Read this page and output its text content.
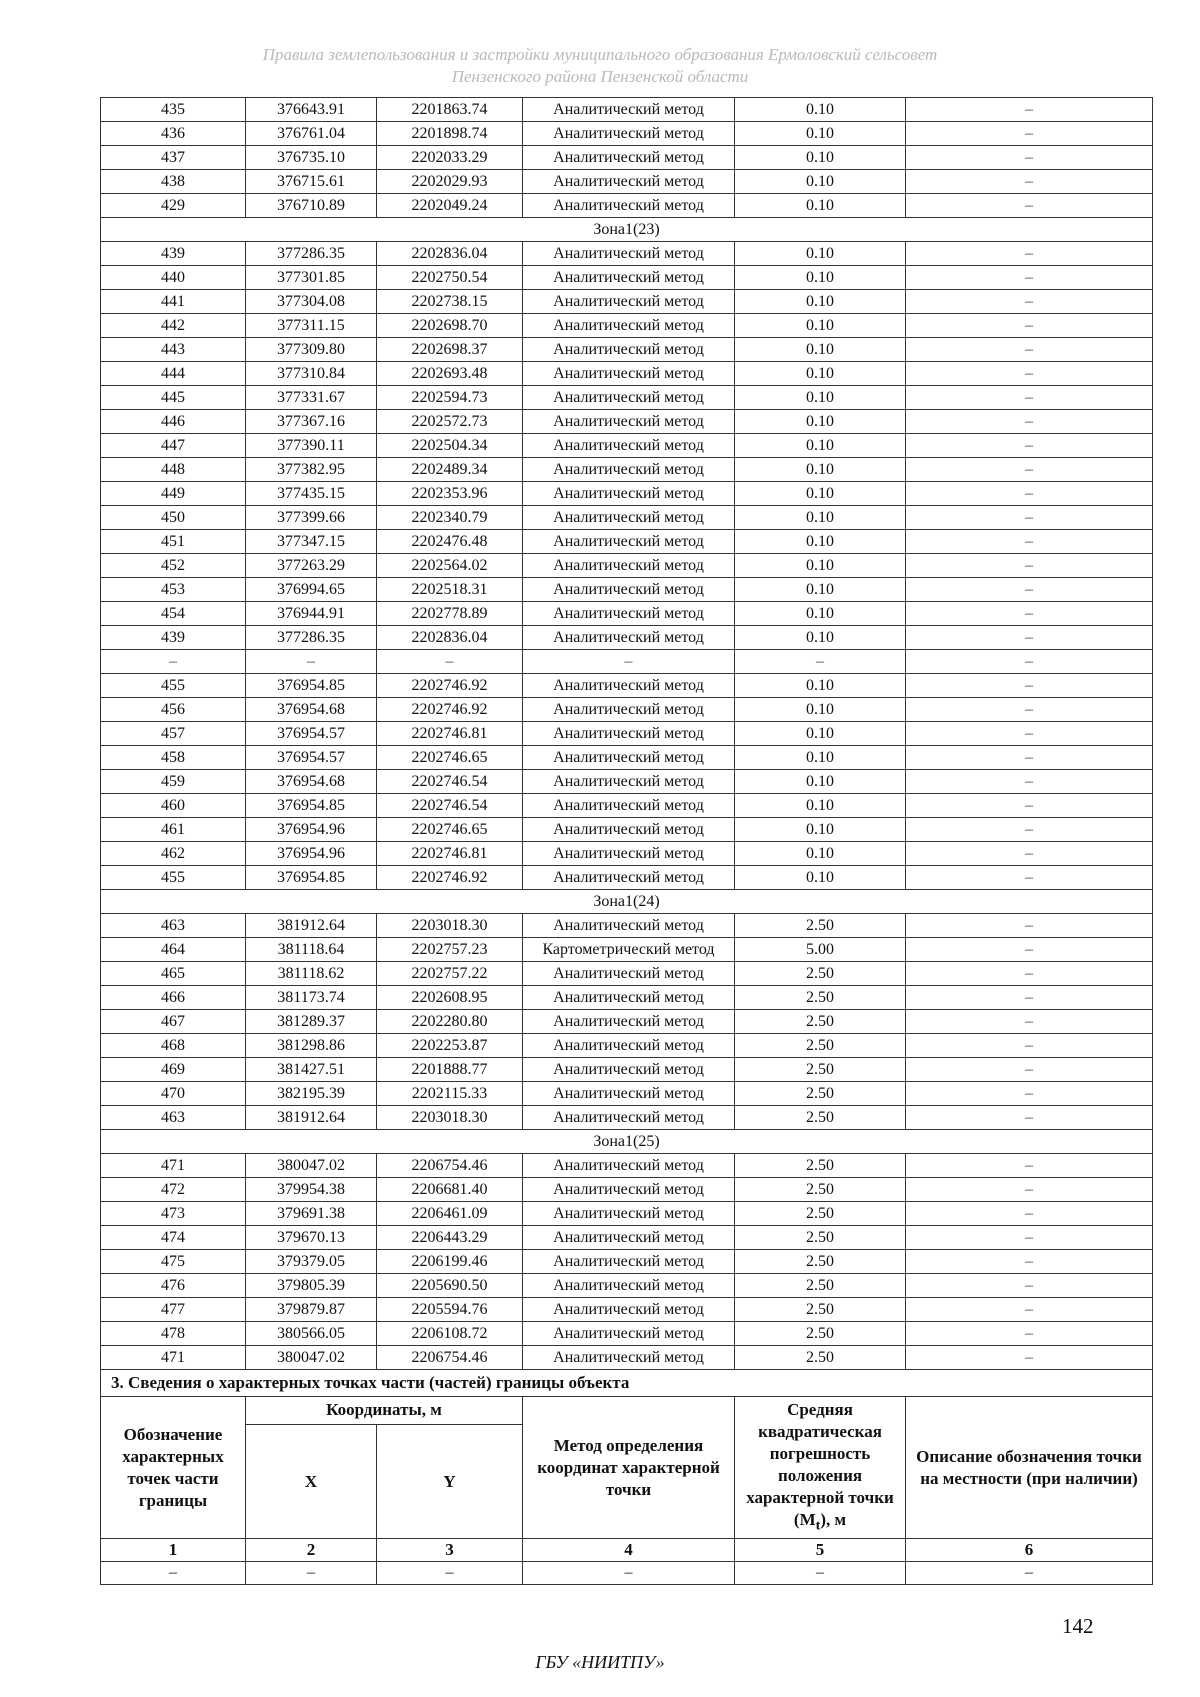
Правила землепользования и застройки муниципального образования Ермоловский сельсовет
Пензенского района Пензенской области
435	376643.91	2201863.74	Аналитический метод	0.10	–
436	376761.04	2201898.74	Аналитический метод	0.10	–
437	376735.10	2202033.29	Аналитический метод	0.10	–
438	376715.61	2202029.93	Аналитический метод	0.10	–
429	376710.89	2202049.24	Аналитический метод	0.10	–
Зона1(23)					
439	377286.35	2202836.04	Аналитический метод	0.10	–
440	377301.85	2202750.54	Аналитический метод	0.10	–
441	377304.08	2202738.15	Аналитический метод	0.10	–
442	377311.15	2202698.70	Аналитический метод	0.10	–
443	377309.80	2202698.37	Аналитический метод	0.10	–
444	377310.84	2202693.48	Аналитический метод	0.10	–
445	377331.67	2202594.73	Аналитический метод	0.10	–
446	377367.16	2202572.73	Аналитический метод	0.10	–
447	377390.11	2202504.34	Аналитический метод	0.10	–
448	377382.95	2202489.34	Аналитический метод	0.10	–
449	377435.15	2202353.96	Аналитический метод	0.10	–
450	377399.66	2202340.79	Аналитический метод	0.10	–
451	377347.15	2202476.48	Аналитический метод	0.10	–
452	377263.29	2202564.02	Аналитический метод	0.10	–
453	376994.65	2202518.31	Аналитический метод	0.10	–
454	376944.91	2202778.89	Аналитический метод	0.10	–
439	377286.35	2202836.04	Аналитический метод	0.10	–
–	–	–	–	–	–
455	376954.85	2202746.92	Аналитический метод	0.10	–
456	376954.68	2202746.92	Аналитический метод	0.10	–
457	376954.57	2202746.81	Аналитический метод	0.10	–
458	376954.57	2202746.65	Аналитический метод	0.10	–
459	376954.68	2202746.54	Аналитический метод	0.10	–
460	376954.85	2202746.54	Аналитический метод	0.10	–
461	376954.96	2202746.65	Аналитический метод	0.10	–
462	376954.96	2202746.81	Аналитический метод	0.10	–
455	376954.85	2202746.92	Аналитический метод	0.10	–
Зона1(24)					
463	381912.64	2203018.30	Аналитический метод	2.50	–
464	381118.64	2202757.23	Картометрический метод	5.00	–
465	381118.62	2202757.22	Аналитический метод	2.50	–
466	381173.74	2202608.95	Аналитический метод	2.50	–
467	381289.37	2202280.80	Аналитический метод	2.50	–
468	381298.86	2202253.87	Аналитический метод	2.50	–
469	381427.51	2201888.77	Аналитический метод	2.50	–
470	382195.39	2202115.33	Аналитический метод	2.50	–
463	381912.64	2203018.30	Аналитический метод	2.50	–
Зона1(25)					
471	380047.02	2206754.46	Аналитический метод	2.50	–
472	379954.38	2206681.40	Аналитический метод	2.50	–
473	379691.38	2206461.09	Аналитический метод	2.50	–
474	379670.13	2206443.29	Аналитический метод	2.50	–
475	379379.05	2206199.46	Аналитический метод	2.50	–
476	379805.39	2205690.50	Аналитический метод	2.50	–
477	379879.87	2205594.76	Аналитический метод	2.50	–
478	380566.05	2206108.72	Аналитический метод	2.50	–
471	380047.02	2206754.46	Аналитический метод	2.50	–
3. Сведения о характерных точках части (частей) границы объекта					
Обозначение характерных точек части границы	Координаты, м		Метод определения координат характерной точки	Средняя квадратическая погрешность положения характерной точки $(M_t)$, м	Описание обозначения точки на местности (при наличии)
	X	Y			
1	2	3	4	5	6
–	–	–	–	–	–
142
ГБУ «НИИТПУ»
